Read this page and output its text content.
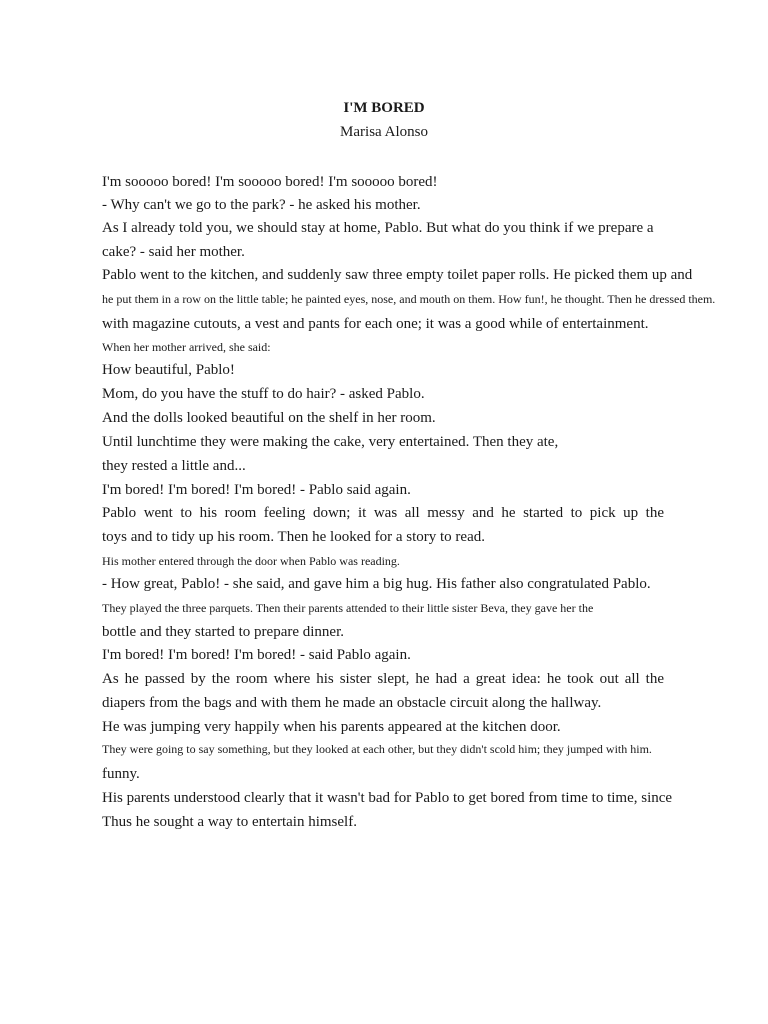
I'M BORED
Marisa Alonso
I'm sooooo bored! I'm sooooo bored! I'm sooooo bored!
- Why can't we go to the park? - he asked his mother.
As I already told you, we should stay at home, Pablo. But what do you think if we prepare a
cake? - said her mother.
Pablo went to the kitchen, and suddenly saw three empty toilet paper rolls. He picked them up and
he put them in a row on the little table; he painted eyes, nose, and mouth on them. How fun!, he thought. Then he dressed them.
with magazine cutouts, a vest and pants for each one; it was a good while of entertainment.
When her mother arrived, she said:
How beautiful, Pablo!
Mom, do you have the stuff to do hair? - asked Pablo.
And the dolls looked beautiful on the shelf in her room.
Until lunchtime they were making the cake, very entertained. Then they ate,
they rested a little and...
I'm bored! I'm bored! I'm bored! - Pablo said again.
Pablo went to his room feeling down; it was all messy and he started to pick up the
toys and to tidy up his room. Then he looked for a story to read.
His mother entered through the door when Pablo was reading.
- How great, Pablo! - she said, and gave him a big hug. His father also congratulated Pablo.
They played the three parquets. Then their parents attended to their little sister Beva, they gave her the
bottle and they started to prepare dinner.
I'm bored! I'm bored! I'm bored! - said Pablo again.
As he passed by the room where his sister slept, he had a great idea: he took out all the
diapers from the bags and with them he made an obstacle circuit along the hallway.
He was jumping very happily when his parents appeared at the kitchen door.
They were going to say something, but they looked at each other, but they didn't scold him; they jumped with him.
funny.
His parents understood clearly that it wasn't bad for Pablo to get bored from time to time, since
Thus he sought a way to entertain himself.
